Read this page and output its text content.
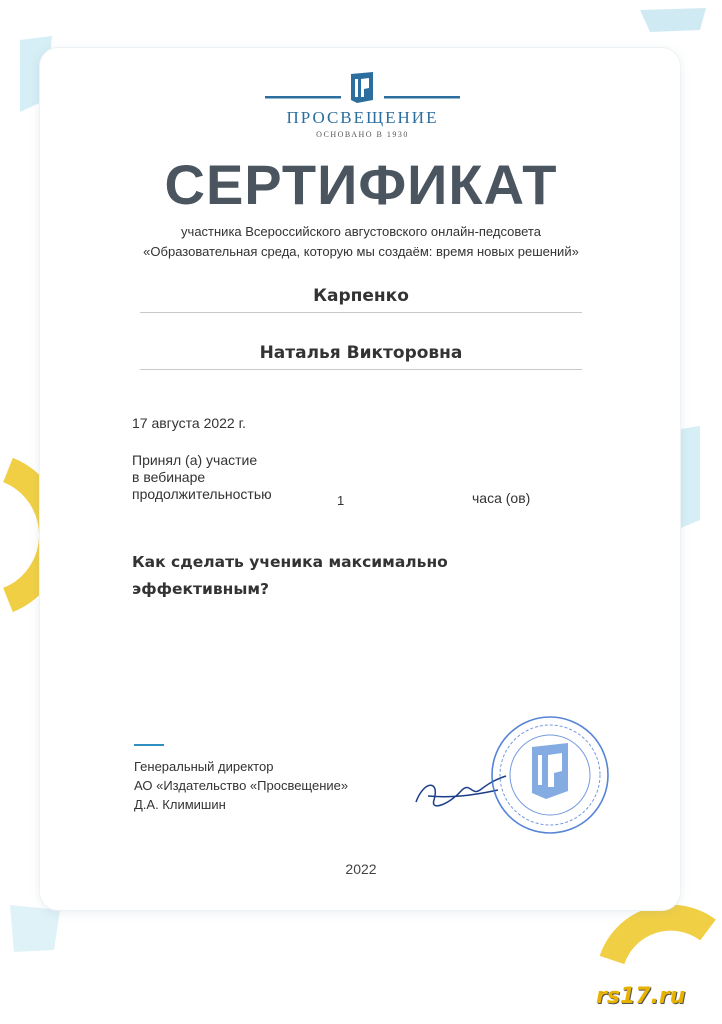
ПРОСВЕЩЕНИЕ
ОСНОВАНО В 1930
СЕРТИФИКАТ
участника Всероссийского августовского онлайн-педсовета
«Образовательная среда, которую мы создаём: время новых решений»
Карпенко
Наталья Викторовна
17 августа 2022 г.
Принял (а) участие
в вебинаре
продолжительностью	1	часа (ов)
Как сделать ученика максимально эффективным?
Генеральный директор
АО «Издательство «Просвещение»
Д.А. Климишин
2022
rs17.ru
